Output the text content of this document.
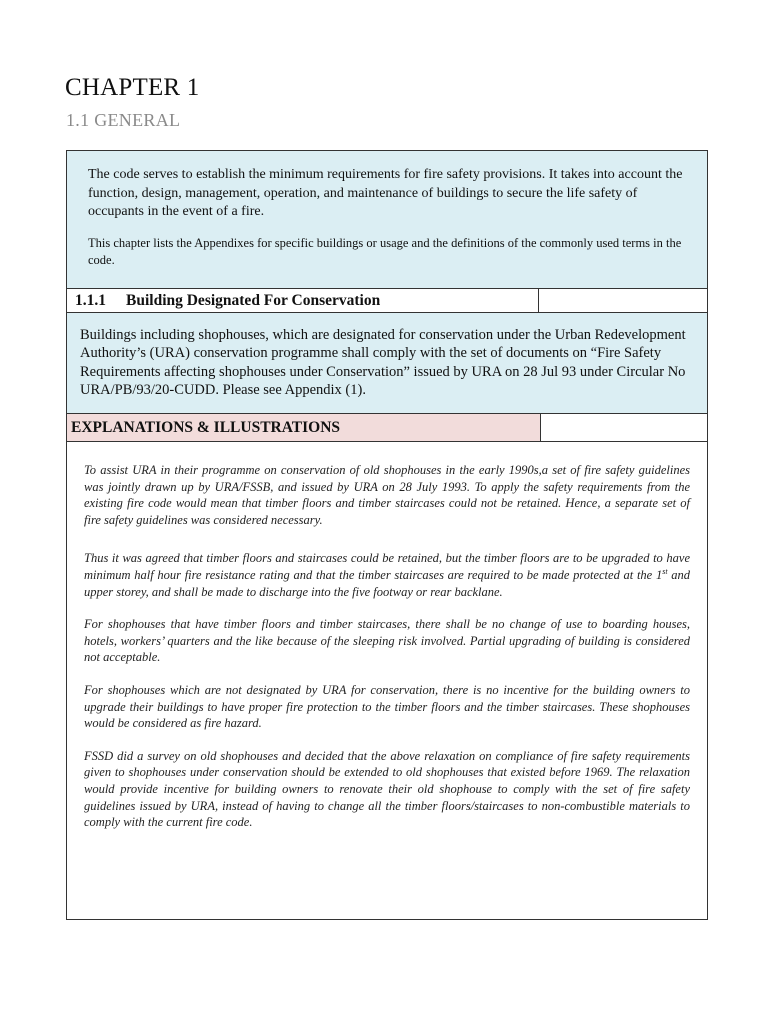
CHAPTER 1
1.1 GENERAL

The code serves to establish the minimum requirements for fire safety provisions. It takes into account the function, design, management, operation, and maintenance of buildings to secure the life safety of occupants in the event of a fire.

This chapter lists the Appendixes for specific buildings or usage and the definitions of the commonly used terms in the code.

1.1.1 Building Designated For Conservation
Buildings including shophouses, which are designated for conservation under the Urban Redevelopment Authority’s (URA) conservation programme shall comply with the set of documents on “Fire Safety Requirements affecting shophouses under Conservation” issued by URA on 28 Jul 93 under Circular No URA/PB/93/20-CUDD. Please see Appendix (1).
EXPLANATIONS & ILLUSTRATIONS

To assist URA in their programme on conservation of old shophouses in the early 1990s,a set of fire safety guidelines was jointly drawn up by URA/FSSB, and issued by URA on 28 July 1993. To apply the safety requirements from the existing fire code would mean that timber floors and timber staircases could not be retained. Hence, a separate set of fire safety guidelines was considered necessary.

Thus it was agreed that timber floors and staircases could be retained, but the timber floors are to be upgraded to have minimum half hour fire resistance rating and that the timber staircases are required to be made protected at the 1st and upper storey, and shall be made to discharge into the five footway or rear backlane.

For shophouses that have timber floors and timber staircases, there shall be no change of use to boarding houses, hotels, workers’ quarters and the like because of the sleeping risk involved. Partial upgrading of building is considered not acceptable.

For shophouses which are not designated by URA for conservation, there is no incentive for the building owners to upgrade their buildings to have proper fire protection to the timber floors and the timber staircases. These shophouses would be considered as fire hazard.

FSSD did a survey on old shophouses and decided that the above relaxation on compliance of fire safety requirements given to shophouses under conservation should be extended to old shophouses that existed before 1969. The relaxation would provide incentive for building owners to renovate their old shophouse to comply with the set of fire safety guidelines issued by URA, instead of having to change all the timber floors/staircases to non-combustible materials to comply with the current fire code.
